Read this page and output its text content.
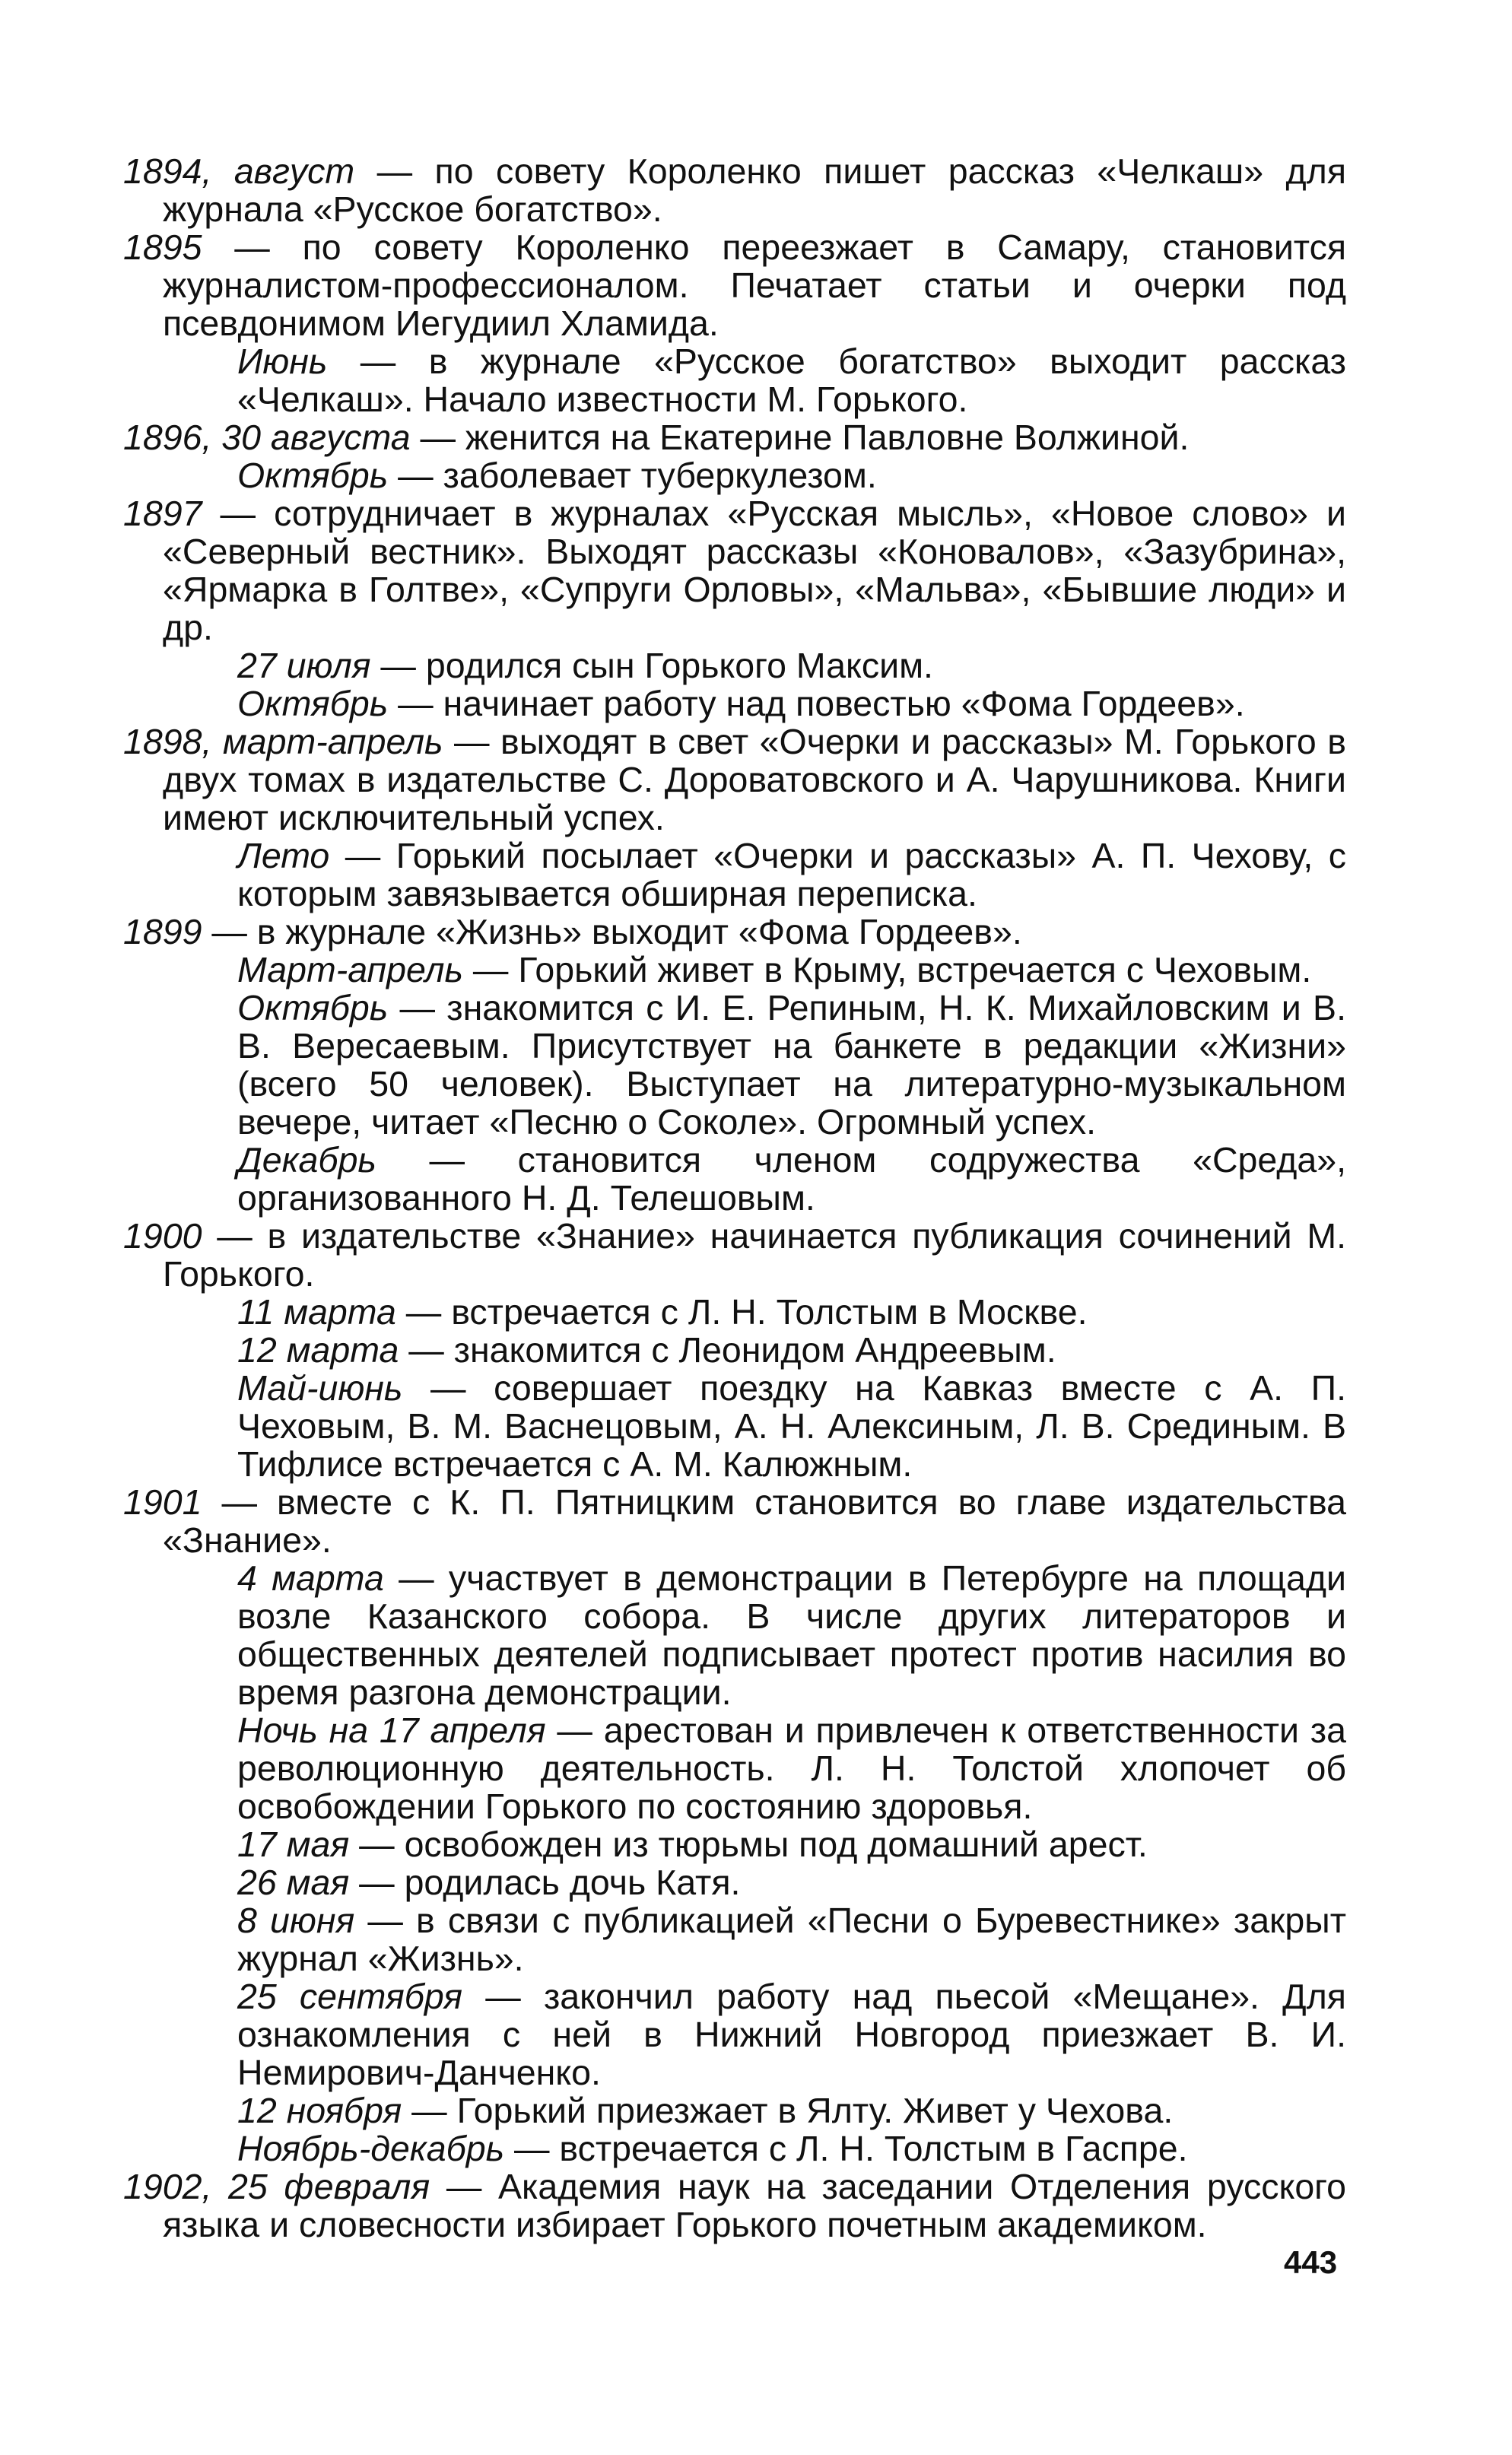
1894, август — по совету Короленко пишет рассказ «Челкаш» для журнала «Русское богатство».
1895 — по совету Короленко переезжает в Самару, становится журналистом-профессионалом. Печатает статьи и очерки под псевдонимом Иегудиил Хламида.
Июнь — в журнале «Русское богатство» выходит рассказ «Челкаш». Начало известности М. Горького.
1896, 30 августа — женится на Екатерине Павловне Волжиной.
Октябрь — заболевает туберкулезом.
1897 — сотрудничает в журналах «Русская мысль», «Новое слово» и «Северный вестник». Выходят рассказы «Коновалов», «Зазубрина», «Ярмарка в Голтве», «Супруги Орловы», «Мальва», «Бывшие люди» и др.
27 июля — родился сын Горького Максим.
Октябрь — начинает работу над повестью «Фома Гордеев».
1898, март-апрель — выходят в свет «Очерки и рассказы» М. Горького в двух томах в издательстве С. Дороватовского и А. Чарушникова. Книги имеют исключительный успех.
Лето — Горький посылает «Очерки и рассказы» А. П. Чехову, с которым завязывается обширная переписка.
1899 — в журнале «Жизнь» выходит «Фома Гордеев».
Март-апрель — Горький живет в Крыму, встречается с Чеховым.
Октябрь — знакомится с И. Е. Репиным, Н. К. Михайловским и В. В. Вересаевым. Присутствует на банкете в редакции «Жизни» (всего 50 человек). Выступает на литературно-музыкальном вечере, читает «Песню о Соколе». Огромный успех.
Декабрь — становится членом содружества «Среда», организованного Н. Д. Телешовым.
1900 — в издательстве «Знание» начинается публикация сочинений М. Горького.
11 марта — встречается с Л. Н. Толстым в Москве.
12 марта — знакомится с Леонидом Андреевым.
Май-июнь — совершает поездку на Кавказ вместе с А. П. Чеховым, В. М. Васнецовым, А. Н. Алексиным, Л. В. Срединым. В Тифлисе встречается с А. М. Калюжным.
1901 — вместе с К. П. Пятницким становится во главе издательства «Знание».
4 марта — участвует в демонстрации в Петербурге на площади возле Казанского собора. В числе других литераторов и общественных деятелей подписывает протест против насилия во время разгона демонстрации.
Ночь на 17 апреля — арестован и привлечен к ответственности за революционную деятельность. Л. Н. Толстой хлопочет об освобождении Горького по состоянию здоровья.
17 мая — освобожден из тюрьмы под домашний арест.
26 мая — родилась дочь Катя.
8 июня — в связи с публикацией «Песни о Буревестнике» закрыт журнал «Жизнь».
25 сентября — закончил работу над пьесой «Мещане». Для ознакомления с ней в Нижний Новгород приезжает В. И. Немирович-Данченко.
12 ноября — Горький приезжает в Ялту. Живет у Чехова.
Ноябрь-декабрь — встречается с Л. Н. Толстым в Гаспре.
1902, 25 февраля — Академия наук на заседании Отделения русского языка и словесности избирает Горького почетным академиком.
443
